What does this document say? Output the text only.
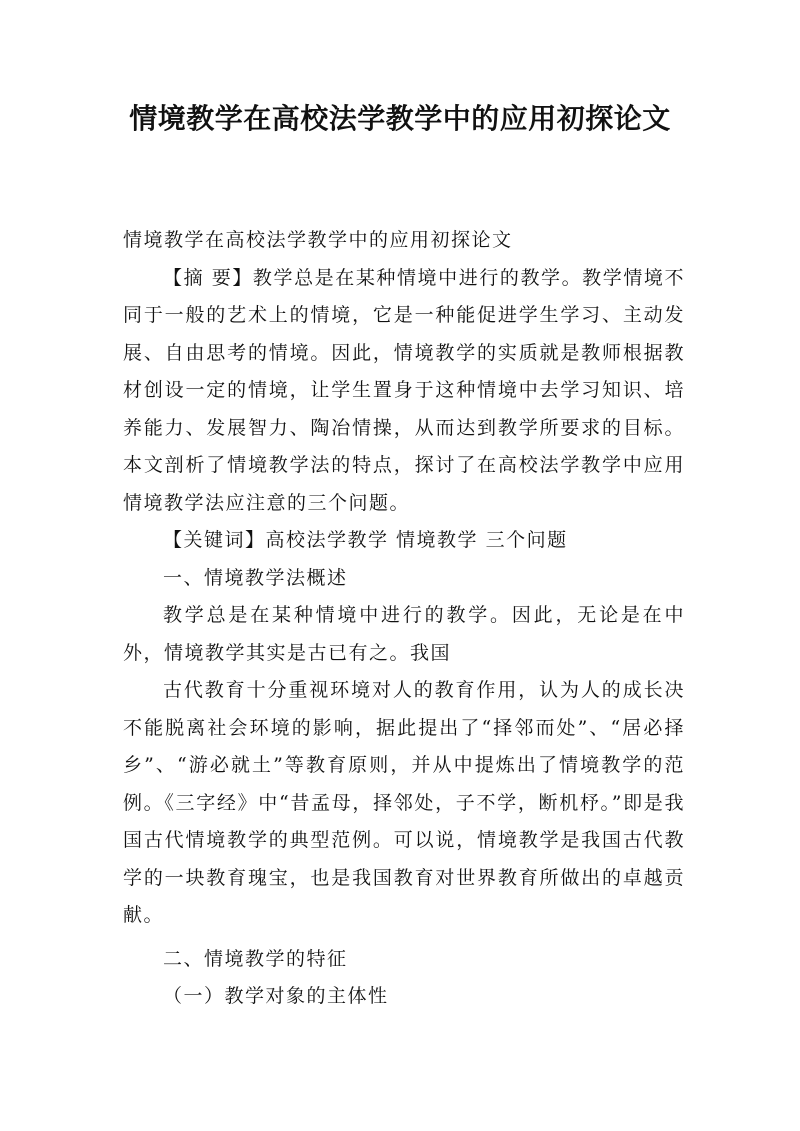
情境教学在高校法学教学中的应用初探论文

情境教学在高校法学教学中的应用初探论文

【摘 要】教学总是在某种情境中进行的教学。教学情境不同于一般的艺术上的情境，它是一种能促进学生学习、主动发展、自由思考的情境。因此，情境教学的实质就是教师根据教材创设一定的情境，让学生置身于这种情境中去学习知识、培养能力、发展智力、陶冶情操，从而达到教学所要求的目标。本文剖析了情境教学法的特点，探讨了在高校法学教学中应用情境教学法应注意的三个问题。

【关键词】高校法学教学 情境教学 三个问题

一、情境教学法概述

教学总是在某种情境中进行的教学。因此，无论是在中外，情境教学其实是古已有之。我国

古代教育十分重视环境对人的教育作用，认为人的成长决不能脱离社会环境的影响，据此提出了“择邻而处”、“居必择乡”、“游必就土”等教育原则，并从中提炼出了情境教学的范例。《三字经》中“昔孟母，择邻处，子不学，断机杼。”即是我国古代情境教学的典型范例。可以说，情境教学是我国古代教学的一块教育瑰宝，也是我国教育对世界教育所做出的卓越贡献。

二、情境教学的特征

（一）教学对象的主体性
